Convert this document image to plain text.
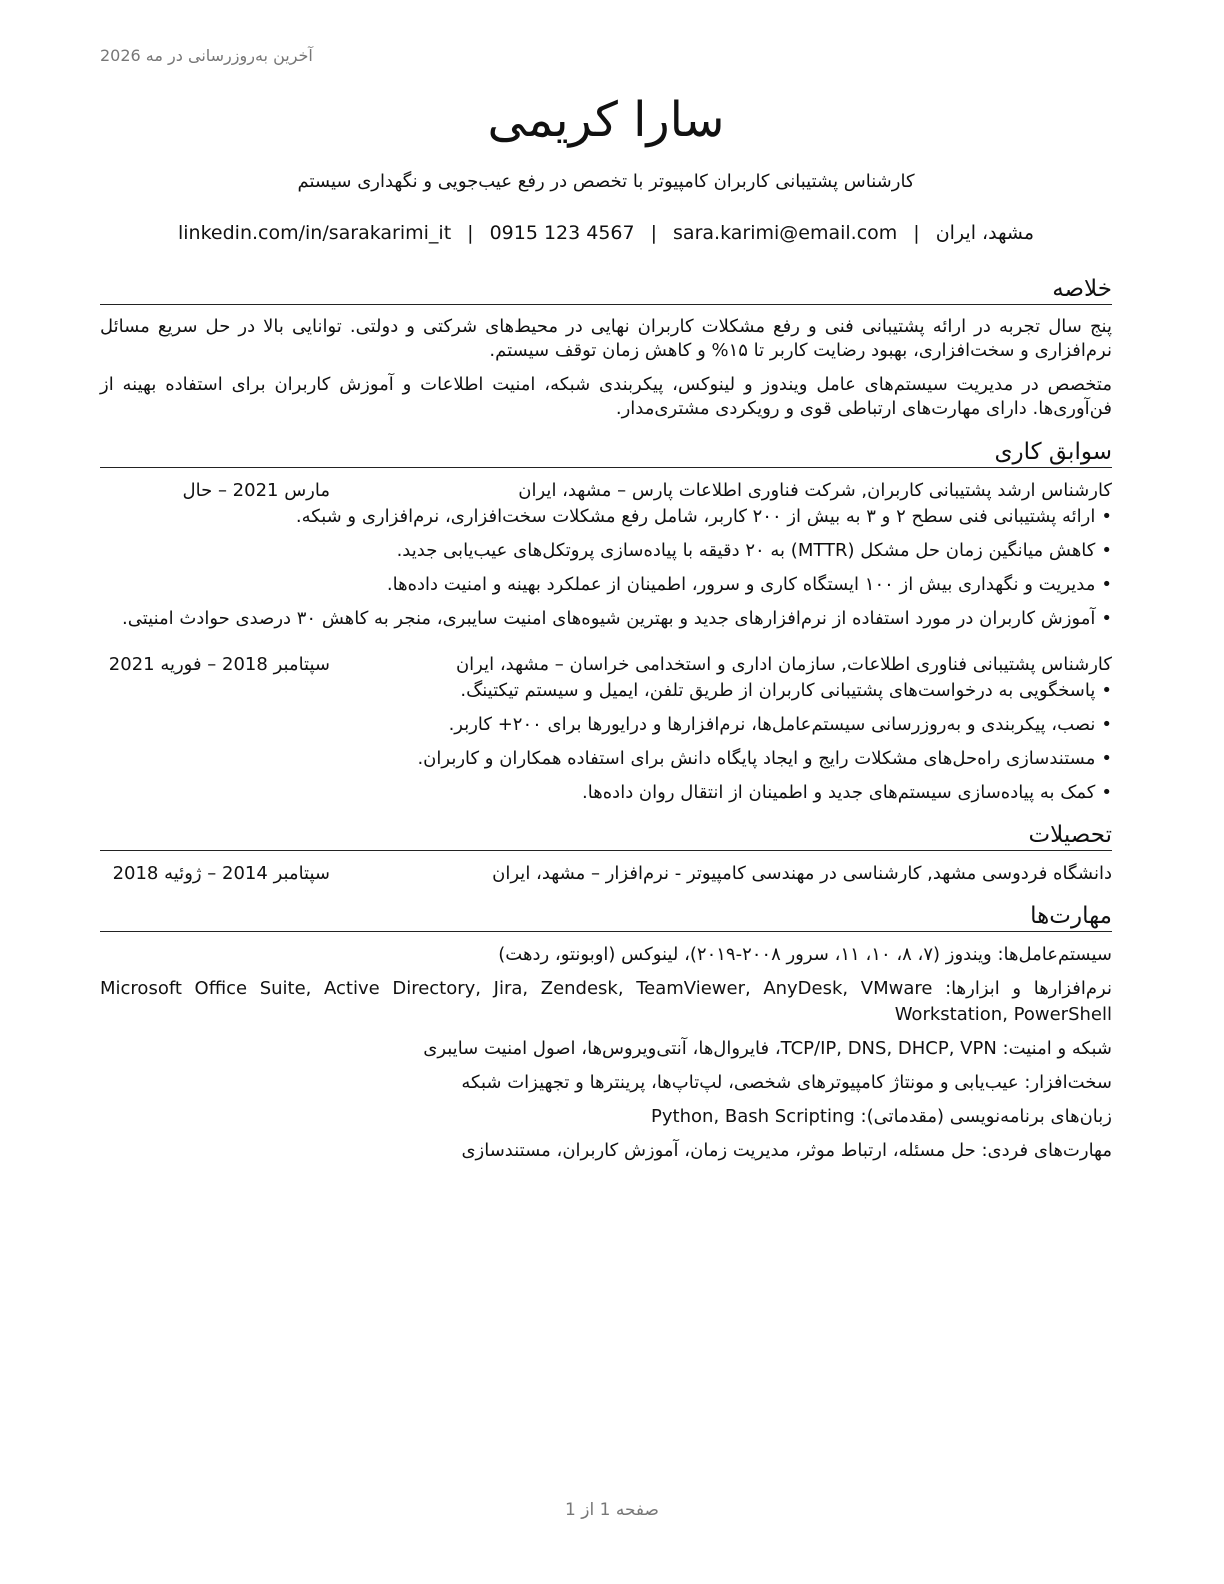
آخرین به‌روزرسانی در مه 2026
سارا کریمی
کارشناس پشتیبانی کاربران کامپیوتر با تخصص در رفع عیب‌جویی و نگهداری سیستم
linkedin.com/in/sarakarimi_it | 0915 123 4567 | sara.karimi@email.com | مشهد، ایران
خلاصه

پنج سال تجربه در ارائه پشتیبانی فنی و رفع مشکلات کاربران نهایی در محیط‌های شرکتی و دولتی. توانایی بالا در حل سریع مسائل نرم‌افزاری و سخت‌افزاری، بهبود رضایت کاربر تا ۱۵% و کاهش زمان توقف سیستم.

متخصص در مدیریت سیستم‌های عامل ویندوز و لینوکس، پیکربندی شبکه، امنیت اطلاعات و آموزش کاربران برای استفاده بهینه از فن‌آوری‌ها. دارای مهارت‌های ارتباطی قوی و رویکردی مشتری‌مدار.

سوابق کاری
کارشناس ارشد پشتیبانی کاربران, شرکت فناوری اطلاعات پارس – مشهد، ایران
مارس 2021 – حال
•ارائه پشتیبانی فنی سطح ۲ و ۳ به بیش از ۲۰۰ کاربر، شامل رفع مشکلات سخت‌افزاری، نرم‌افزاری و شبکه.
•کاهش میانگین زمان حل مشکل (MTTR) به ۲۰ دقیقه با پیاده‌سازی پروتکل‌های عیب‌یابی جدید.
•مدیریت و نگهداری بیش از ۱۰۰ ایستگاه کاری و سرور، اطمینان از عملکرد بهینه و امنیت داده‌ها.
•آموزش کاربران در مورد استفاده از نرم‌افزارهای جدید و بهترین شیوه‌های امنیت سایبری، منجر به کاهش ۳۰ درصدی حوادث امنیتی.
کارشناس پشتیبانی فناوری اطلاعات, سازمان اداری و استخدامی خراسان – مشهد، ایران
سپتامبر 2018 – فوریه 2021
•پاسخگویی به درخواست‌های پشتیبانی کاربران از طریق تلفن، ایمیل و سیستم تیکتینگ.
•نصب، پیکربندی و به‌روزرسانی سیستم‌عامل‌ها، نرم‌افزارها و درایورها برای ۲۰۰+ کاربر.
•مستندسازی راه‌حل‌های مشکلات رایج و ایجاد پایگاه دانش برای استفاده همکاران و کاربران.
•کمک به پیاده‌سازی سیستم‌های جدید و اطمینان از انتقال روان داده‌ها.
تحصیلات
دانشگاه فردوسی مشهد, کارشناسی در مهندسی کامپیوتر - نرم‌افزار – مشهد، ایران
سپتامبر 2014 – ژوئیه 2018
مهارت‌ها
سیستم‌عامل‌ها: ویندوز (۷، ۸، ۱۰، ۱۱، سرور ۲۰۰۸-۲۰۱۹)، لینوکس (اوبونتو، ردهت)
نرم‌افزارها و ابزارها: Microsoft Office Suite, Active Directory, Jira, Zendesk, TeamViewer, AnyDesk, VMware Workstation, PowerShell
شبکه و امنیت: TCP/IP, DNS, DHCP, VPN، فایروال‌ها، آنتی‌ویروس‌ها، اصول امنیت سایبری
سخت‌افزار: عیب‌یابی و مونتاژ کامپیوترهای شخصی، لپ‌تاپ‌ها، پرینترها و تجهیزات شبکه
زبان‌های برنامه‌نویسی (مقدماتی): Python, Bash Scripting
مهارت‌های فردی: حل مسئله، ارتباط موثر، مدیریت زمان، آموزش کاربران، مستندسازی
صفحه 1 از 1
